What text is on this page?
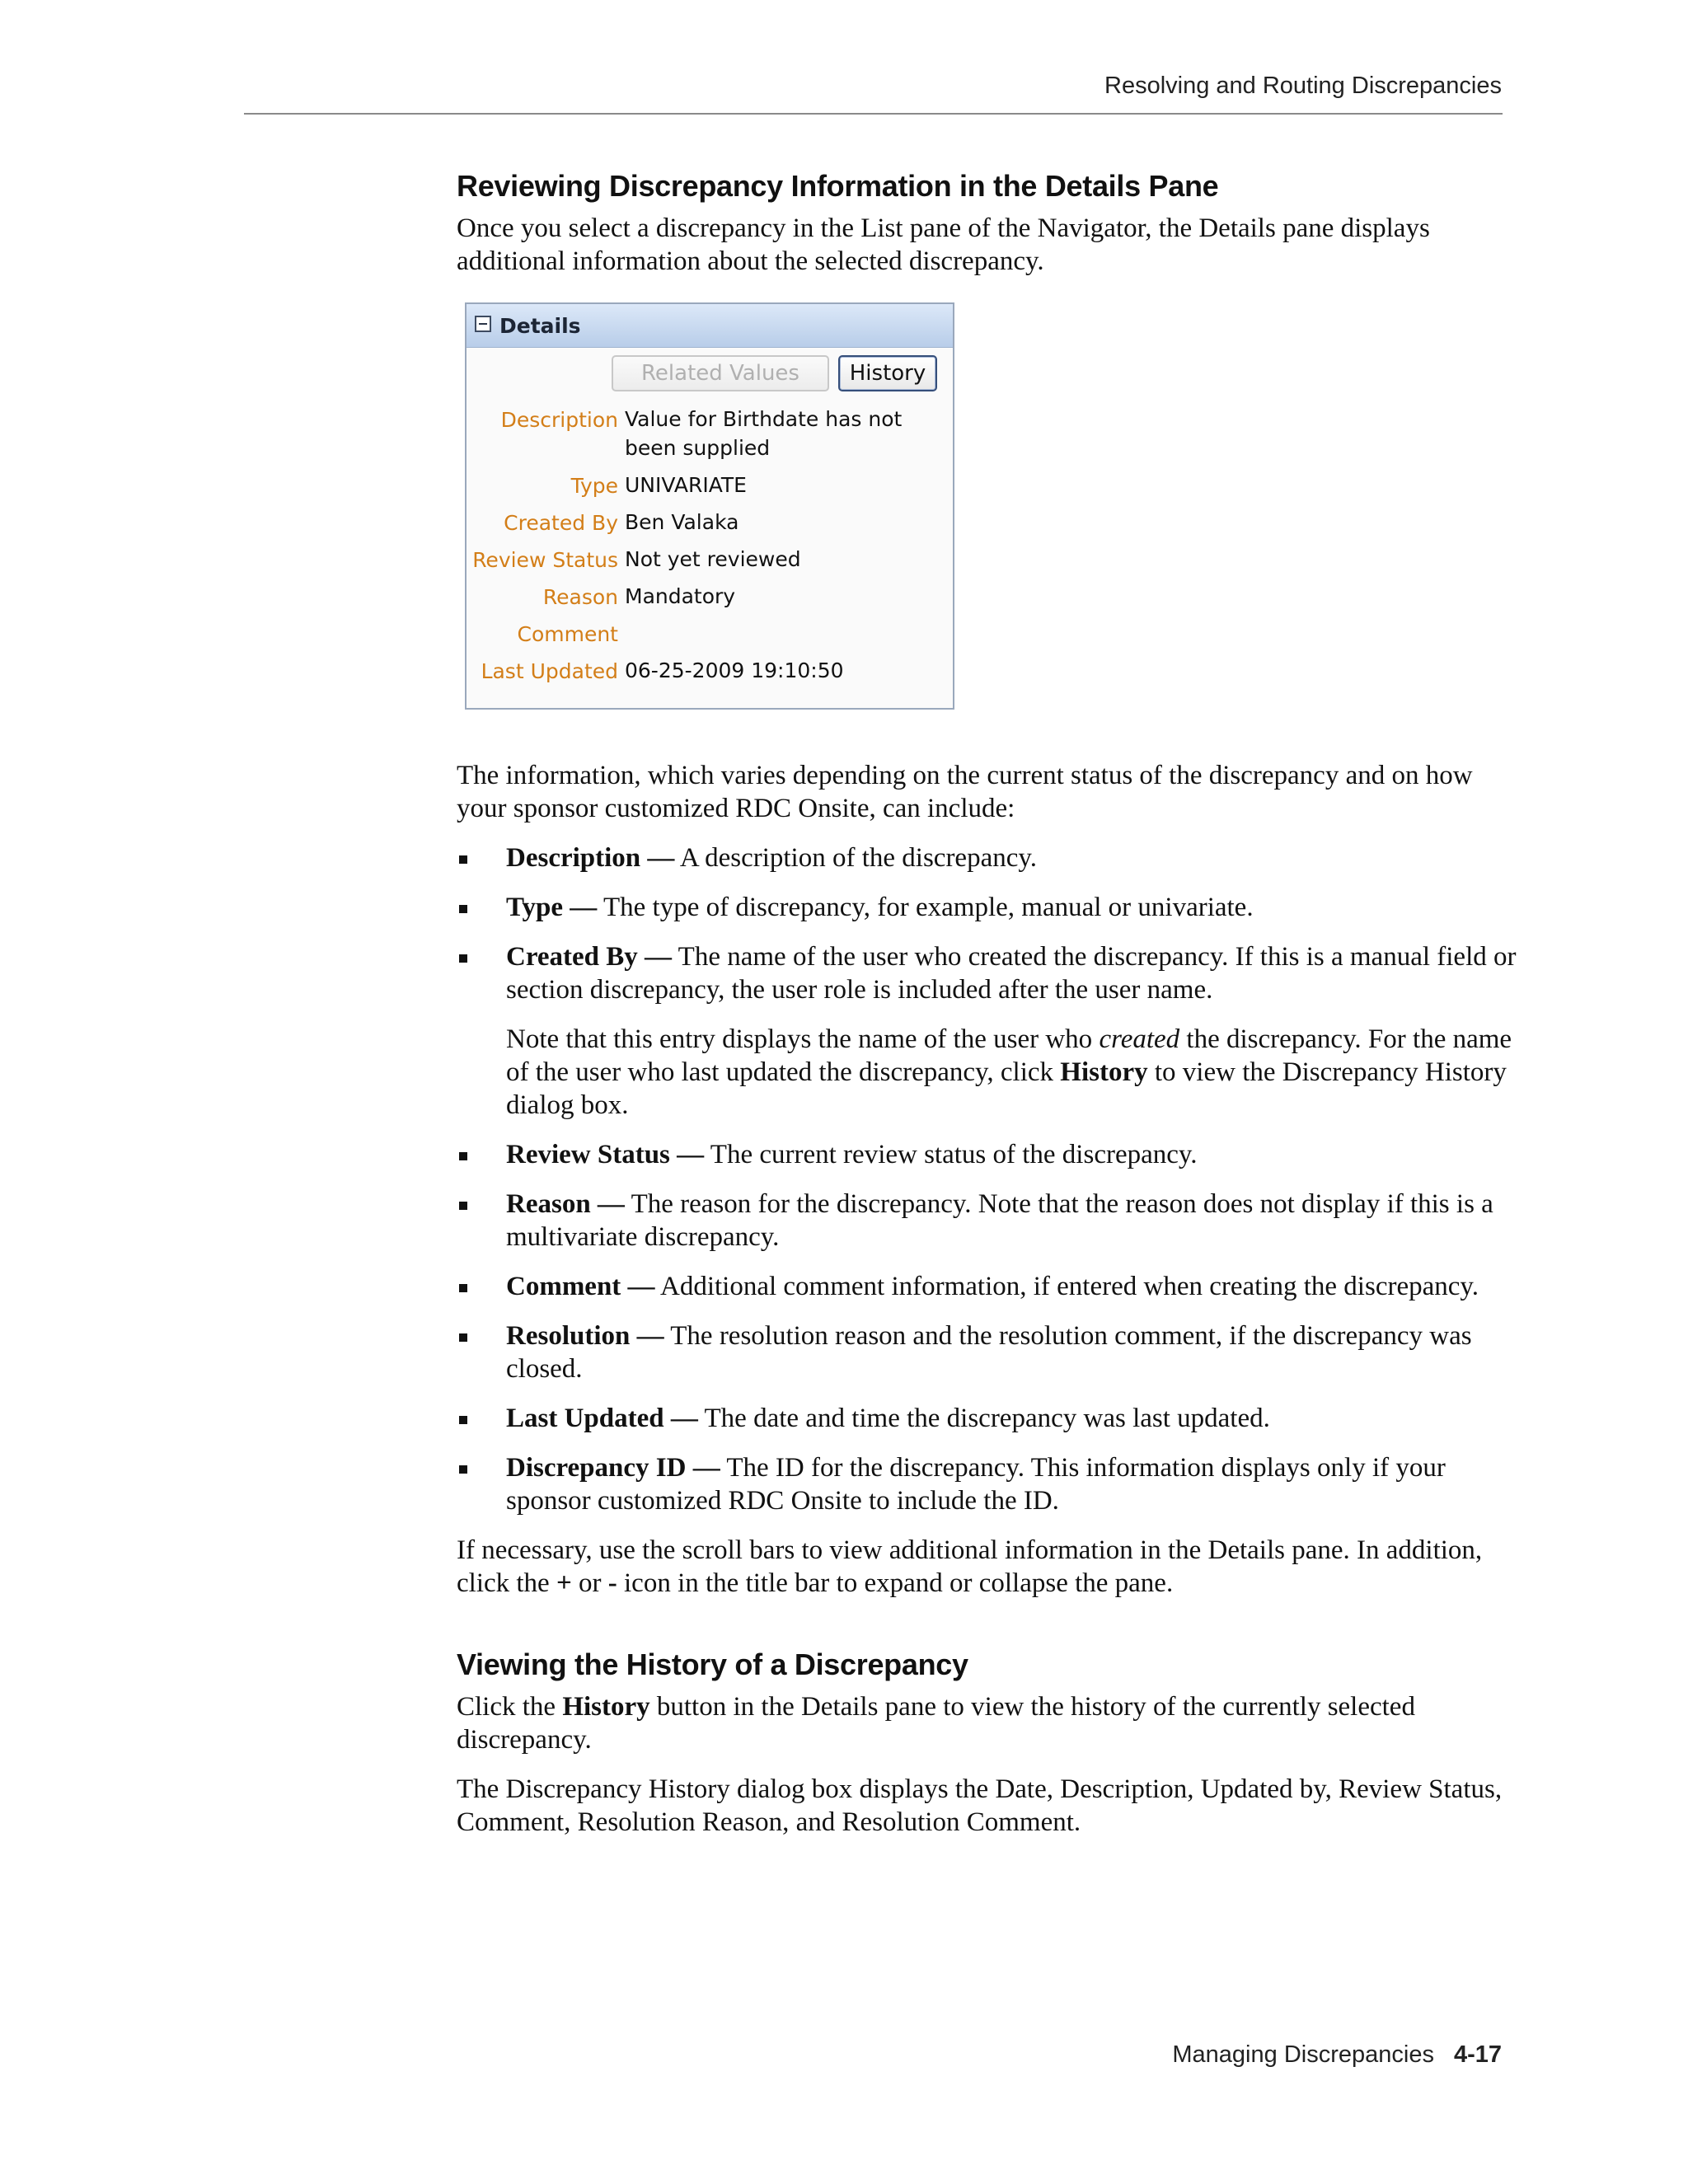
Resolving and Routing Discrepancies
Reviewing Discrepancy Information in the Details Pane

Once you select a discrepancy in the List pane of the Navigator, the Details pane displays additional information about the selected discrepancy.

Details
Related Values	History
Description Value for Birthdate has not been supplied
Type UNIVARIATE
Created By Ben Valaka
Review Status Not yet reviewed
Reason Mandatory
Comment
Last Updated 06-25-2009 19:10:50

The information, which varies depending on the current status of the discrepancy and on how your sponsor customized RDC Onsite, can include:

Description — A description of the discrepancy.
Type — The type of discrepancy, for example, manual or univariate.
Created By — The name of the user who created the discrepancy. If this is a manual field or section discrepancy, the user role is included after the user name.
Note that this entry displays the name of the user who created the discrepancy. For the name of the user who last updated the discrepancy, click History to view the Discrepancy History dialog box.
Review Status — The current review status of the discrepancy.
Reason — The reason for the discrepancy. Note that the reason does not display if this is a multivariate discrepancy.
Comment — Additional comment information, if entered when creating the discrepancy.
Resolution — The resolution reason and the resolution comment, if the discrepancy was closed.
Last Updated — The date and time the discrepancy was last updated.
Discrepancy ID — The ID for the discrepancy. This information displays only if your sponsor customized RDC Onsite to include the ID.

If necessary, use the scroll bars to view additional information in the Details pane. In addition, click the + or - icon in the title bar to expand or collapse the pane.

Viewing the History of a Discrepancy

Click the History button in the Details pane to view the history of the currently selected discrepancy.

The Discrepancy History dialog box displays the Date, Description, Updated by, Review Status, Comment, Resolution Reason, and Resolution Comment.

Managing Discrepancies 4-17
